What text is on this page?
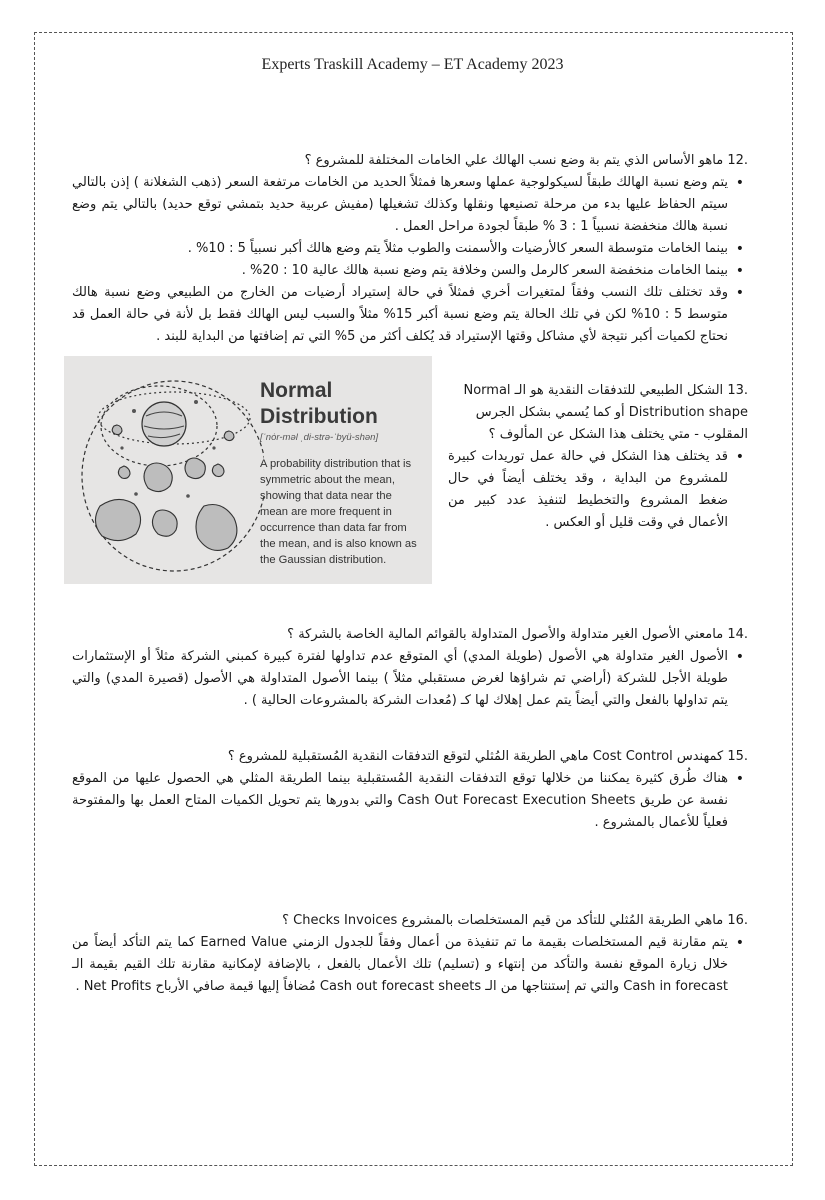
Experts Traskill Academy – ET Academy 2023
12. ماهو الأساس الذي يتم بة وضع نسب الهالك علي الخامات المختلفة للمشروع ؟
• يتم وضع نسبة الهالك طبقاً لسيكولوجية عملها وسعرها فمثلاً الحديد من الخامات مرتفعة السعر (ذهب الشغلانة ) إذن بالتالي سيتم الحفاظ عليها بدء من مرحلة تصنيعها ونقلها وكذلك تشغيلها (مفيش عربية حديد بتمشي توقع حديد) بالتالي يتم وضع نسبة هالك منخفضة نسبياً 1 : 3 % طبقاً لجودة مراحل العمل .
• بينما الخامات متوسطة السعر كالأرضيات والأسمنت والطوب مثلاً يتم وضع هالك أكبر نسبياً 5 : 10% .
• بينما الخامات منخفضة السعر كالرمل والسن وخلافة يتم وضع نسبة هالك عالية 10 : 20% .
• وقد تختلف تلك النسب وفقاً لمتغيرات أخري فمثلاً في حالة إستيراد أرضيات من الخارج من الطبيعي وضع نسبة هالك متوسط 5 : 10% لكن في تلك الحالة يتم وضع نسبة أكبر 15% مثلاً والسبب ليس الهالك فقط بل لأنة في حالة العمل قد نحتاج لكميات أكبر نتيجة لأي مشاكل وقتها الإستيراد قد يُكلف أكثر من 5% التي تم إضافتها من البداية للبند .
Normal Distribution
[ˈnȯr-məl ˌdi-strə-ˈbyü-shən]
A probability distribution that is symmetric about the mean, showing that data near the mean are more frequent in occurrence than data far from the mean, and is also known as the Gaussian distribution.
13. الشكل الطبيعي للتدفقات النقدية هو الـ Normal Distribution shape أو كما يُسمي بشكل الجرس المقلوب - متي يختلف هذا الشكل عن المألوف ؟
• قد يختلف هذا الشكل في حالة عمل توريدات كبيرة للمشروع من البداية ، وقد يختلف أيضاً في حال ضغط المشروع والتخطيط لتنفيذ عدد كبير من الأعمال في وقت قليل أو العكس .
14. مامعني الأصول الغير متداولة والأصول المتداولة بالقوائم المالية الخاصة بالشركة ؟
• الأصول الغير متداولة هي الأصول (طويلة المدي) أي المتوقع عدم تداولها لفترة كبيرة كمبني الشركة مثلاً أو الإستثمارات طويلة الأجل للشركة (أراضي تم شراؤها لغرض مستقبلي مثلاً ) بينما الأصول المتداولة هي الأصول (قصيرة المدي) والتي يتم تداولها بالفعل والتي أيضاً يتم عمل إهلاك لها كـ (مُعدات الشركة بالمشروعات الحالية ) .
15. كمهندس Cost Control ماهي الطريقة المُثلي لتوقع التدفقات النقدية المُستقبلية للمشروع ؟
• هناك طُرق كثيرة يمكننا من خلالها توقع التدفقات النقدية المُستقبلية بينما الطريقة المثلي هي الحصول عليها من الموقع نفسة عن طريق Cash Out Forecast Execution Sheets والتي بدورها يتم تحويل الكميات المتاح العمل بها والمفتوحة فعلياً للأعمال بالمشروع .
16. ماهي الطريقة المُثلي للتأكد من قيم المستخلصات بالمشروع Checks Invoices ؟
• يتم مقارنة قيم المستخلصات بقيمة ما تم تنفيذة من أعمال وفقاً للجدول الزمني Earned Value كما يتم التأكد أيضاً من خلال زيارة الموقع نفسة والتأكد من إنتهاء و (تسليم) تلك الأعمال بالفعل ، بالإضافة لإمكانية مقارنة تلك القيم بقيمة الـ Cash in forecast والتي تم إستنتاجها من الـ Cash out forecast sheets مُضافاً إليها قيمة صافي الأرباح Net Profits .
